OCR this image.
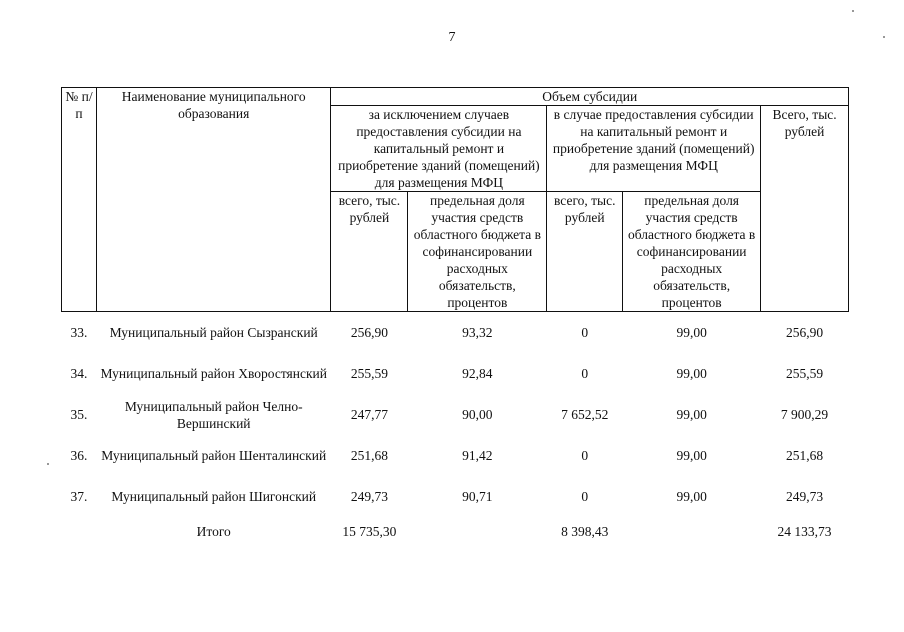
7
№ п/п	Наименование муниципального образования	Объем субсидии				
		за исключением случаев предоставления субсидии на капитальный ремонт и приобретение зданий (помещений) для размещения МФЦ		в случае предоставления субсидии на капитальный ремонт и приобретение зданий (помещений) для размещения МФЦ		Всего, тыс. рублей
		всего, тыс. рублей	предельная доля участия средств областного бюджета в софинансировании расходных обязательств, процентов	всего, тыс. рублей	предельная доля участия средств областного бюджета в софинансировании расходных обязательств, процентов	
33.	Муниципальный район Сызранский	256,90	93,32	0	99,00	256,90
34.	Муниципальный район Хворостянский	255,59	92,84	0	99,00	255,59
35.	Муниципальный район Челно-Вершинский	247,77	90,00	7 652,52	99,00	7 900,29
36.	Муниципальный район Шенталинский	251,68	91,42	0	99,00	251,68
37.	Муниципальный район Шигонский	249,73	90,71	0	99,00	249,73
	Итого	15 735,30		8 398,43		24 133,73
